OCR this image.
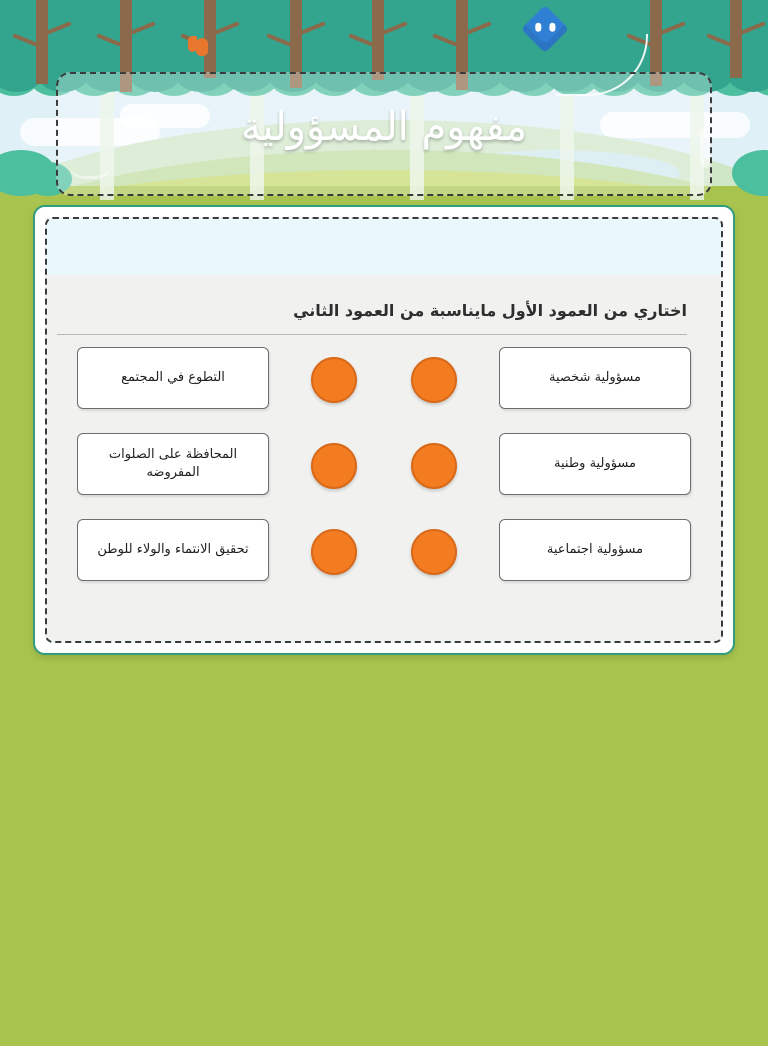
مفهوم المسؤولية
اختاري من العمود الأول مايناسبة من العمود الثاني
مسؤولية شخصية
مسؤولية وطنية
مسؤولية اجتماعية
التطوع في المجتمع
المحافظة على الصلوات المفروضه
تحقيق الانتماء والولاء للوطن
